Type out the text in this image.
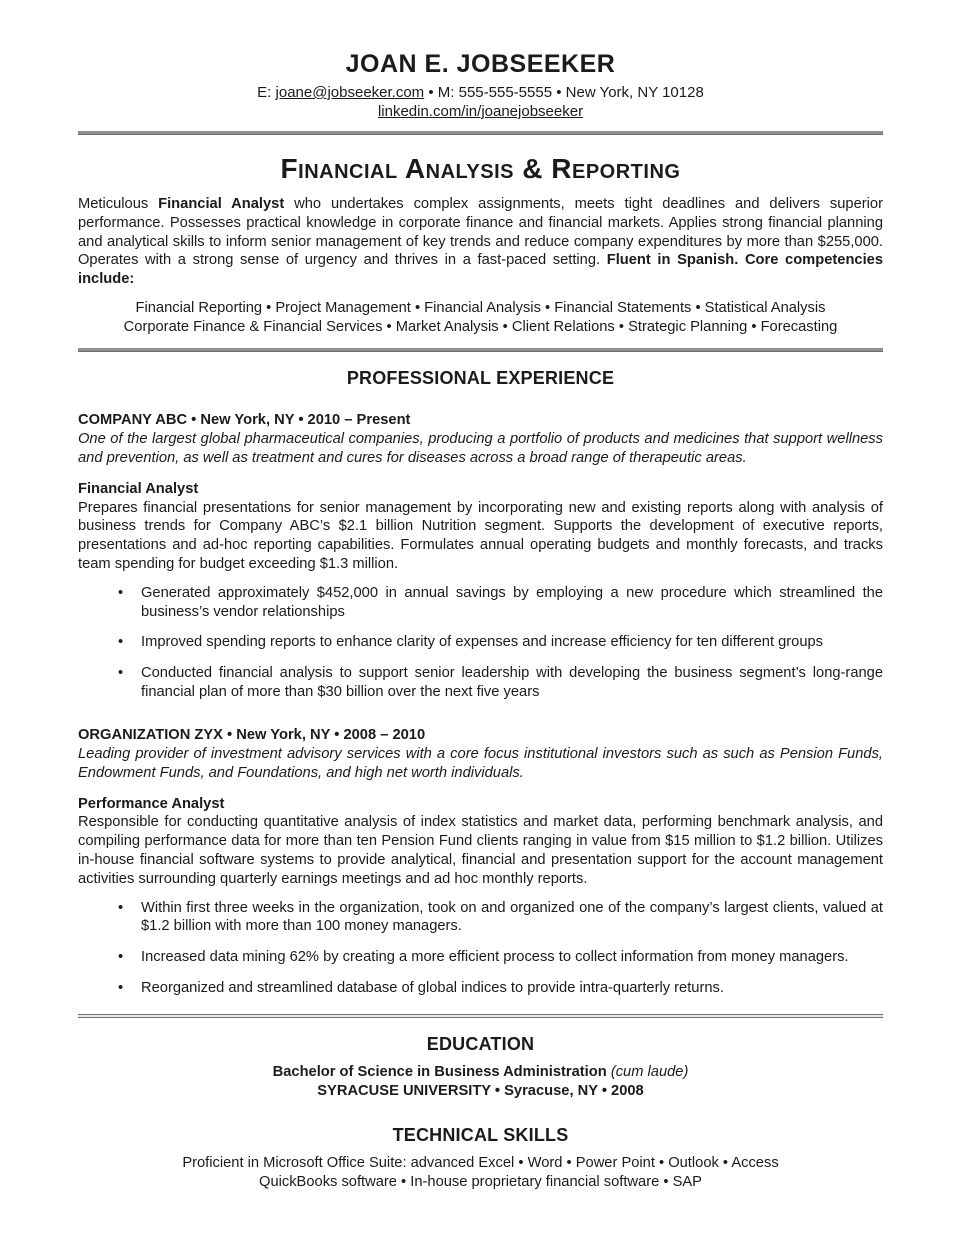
JOAN E. JOBSEEKER
E: joane@jobseeker.com • M: 555-555-5555 • New York, NY 10128
linkedin.com/in/joanejobseeker
Financial Analysis & Reporting

Meticulous Financial Analyst who undertakes complex assignments, meets tight deadlines and delivers superior performance. Possesses practical knowledge in corporate finance and financial markets. Applies strong financial planning and analytical skills to inform senior management of key trends and reduce company expenditures by more than $255,000. Operates with a strong sense of urgency and thrives in a fast-paced setting. Fluent in Spanish. Core competencies include:

Financial Reporting • Project Management • Financial Analysis • Financial Statements • Statistical Analysis
Corporate Finance & Financial Services • Market Analysis • Client Relations • Strategic Planning • Forecasting

PROFESSIONAL EXPERIENCE
COMPANY ABC • New York, NY • 2010 – Present
One of the largest global pharmaceutical companies, producing a portfolio of products and medicines that support wellness and prevention, as well as treatment and cures for diseases across a broad range of therapeutic areas.
Financial Analyst
Prepares financial presentations for senior management by incorporating new and existing reports along with analysis of business trends for Company ABC’s $2.1 billion Nutrition segment. Supports the development of executive reports, presentations and ad-hoc reporting capabilities. Formulates annual operating budgets and monthly forecasts, and tracks team spending for budget exceeding $1.3 million.
• Generated approximately $452,000 in annual savings by employing a new procedure which streamlined the business’s vendor relationships
• Improved spending reports to enhance clarity of expenses and increase efficiency for ten different groups
• Conducted financial analysis to support senior leadership with developing the business segment’s long-range financial plan of more than $30 billion over the next five years
ORGANIZATION ZYX • New York, NY • 2008 – 2010
Leading provider of investment advisory services with a core focus institutional investors such as such as Pension Funds, Endowment Funds, and Foundations, and high net worth individuals.
Performance Analyst
Responsible for conducting quantitative analysis of index statistics and market data, performing benchmark analysis, and compiling performance data for more than ten Pension Fund clients ranging in value from $15 million to $1.2 billion. Utilizes in-house financial software systems to provide analytical, financial and presentation support for the account management activities surrounding quarterly earnings meetings and ad hoc monthly reports.
• Within first three weeks in the organization, took on and organized one of the company’s largest clients, valued at $1.2 billion with more than 100 money managers.
• Increased data mining 62% by creating a more efficient process to collect information from money managers.
• Reorganized and streamlined database of global indices to provide intra-quarterly returns.
EDUCATION

Bachelor of Science in Business Administration (cum laude)

SYRACUSE UNIVERSITY • Syracuse, NY • 2008

TECHNICAL SKILLS

Proficient in Microsoft Office Suite: advanced Excel • Word • Power Point • Outlook • Access

QuickBooks software • In-house proprietary financial software • SAP
